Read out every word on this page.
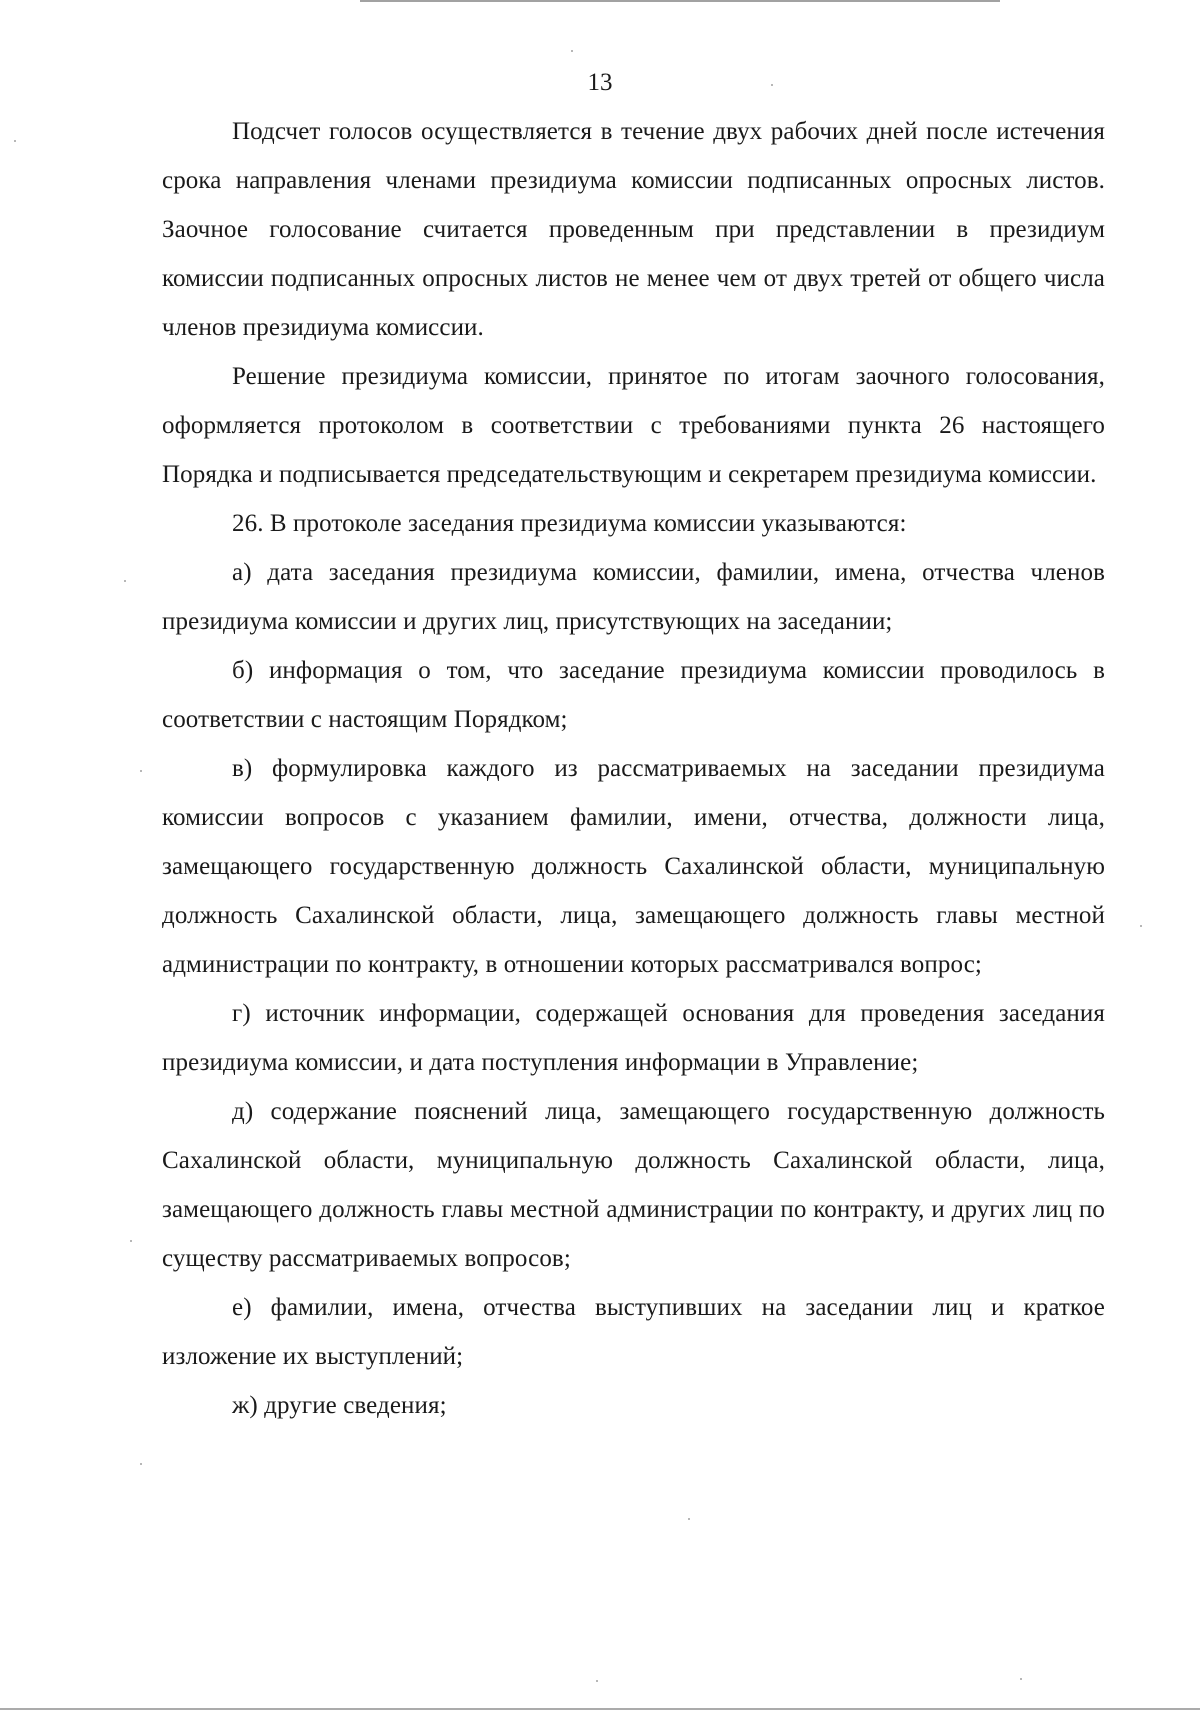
13

Подсчет голосов осуществляется в течение двух рабочих дней после истечения срока направления членами президиума комиссии подписанных опросных листов. Заочное голосование считается проведенным при представлении в президиум комиссии подписанных опросных листов не менее чем от двух третей от общего числа членов президиума комиссии.

Решение президиума комиссии, принятое по итогам заочного голосования, оформляется протоколом в соответствии с требованиями пункта 26 настоящего Порядка и подписывается председательствующим и секретарем президиума комиссии.

26. В протоколе заседания президиума комиссии указываются:

а) дата заседания президиума комиссии, фамилии, имена, отчества членов президиума комиссии и других лиц, присутствующих на заседании;

б) информация о том, что заседание президиума комиссии проводилось в соответствии с настоящим Порядком;

в) формулировка каждого из рассматриваемых на заседании президиума комиссии вопросов с указанием фамилии, имени, отчества, должности лица, замещающего государственную должность Сахалинской области, муниципальную должность Сахалинской области, лица, замещающего должность главы местной администрации по контракту, в отношении которых рассматривался вопрос;

г) источник информации, содержащей основания для проведения заседания президиума комиссии, и дата поступления информации в Управление;

д) содержание пояснений лица, замещающего государственную должность Сахалинской области, муниципальную должность Сахалинской области, лица, замещающего должность главы местной администрации по контракту, и других лиц по существу рассматриваемых вопросов;

е) фамилии, имена, отчества выступивших на заседании лиц и краткое изложение их выступлений;

ж) другие сведения;
